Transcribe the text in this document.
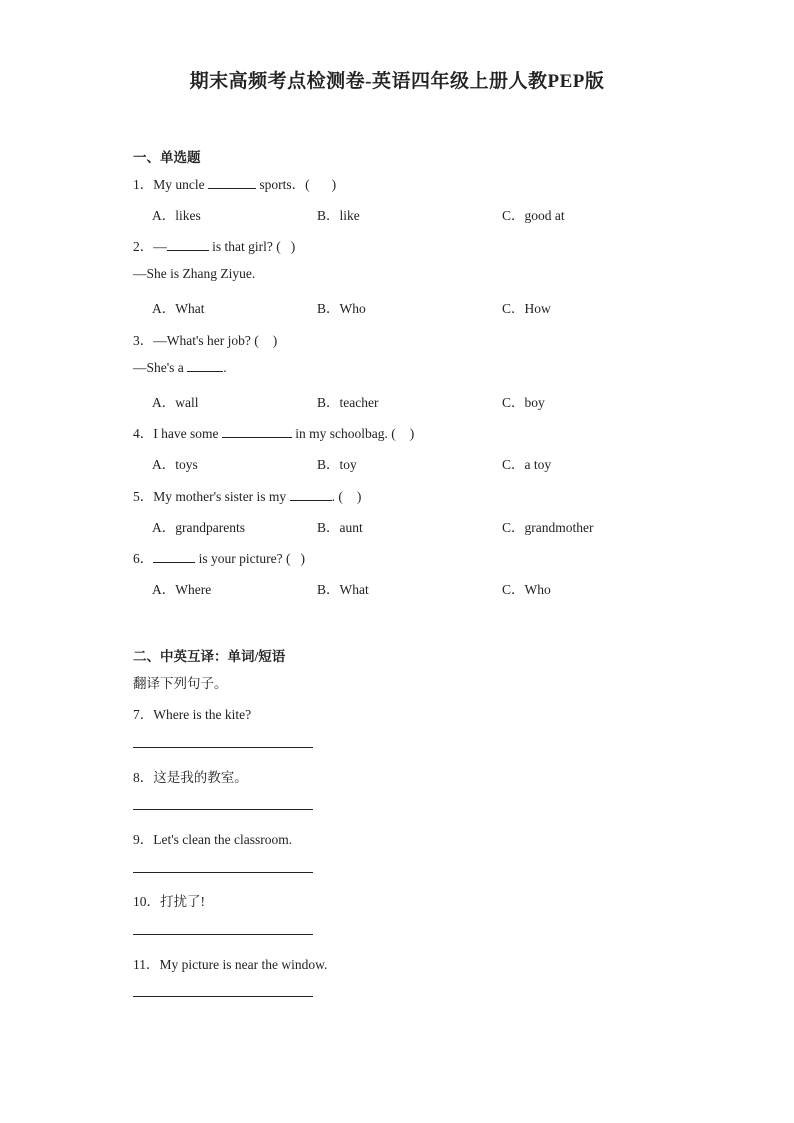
期末高频考点检测卷-英语四年级上册人教PEP版
一、单选题
1．My uncle	sports．( )
A．likes	B．like	C．good at
2．—	is that girl? ( )
—She is Zhang Ziyue.
A．What	B．Who	C．How
3．—What's her job? ( )
—She's a	.
A．wall	B．teacher	C．boy
4．I have some	in my schoolbag. ( )
A．toys	B．toy	C．a toy
5．My mother's sister is my	. ( )
A．grandparents	B．aunt	C．grandmother
6．	is your picture? ( )
A．Where	B．What	C．Who
二、中英互译：单词/短语
翻译下列句子。
7．Where is the kite?
8．这是我的教室。
9．Let's clean the classroom.
10．打扰了!
11．My picture is near the window.
